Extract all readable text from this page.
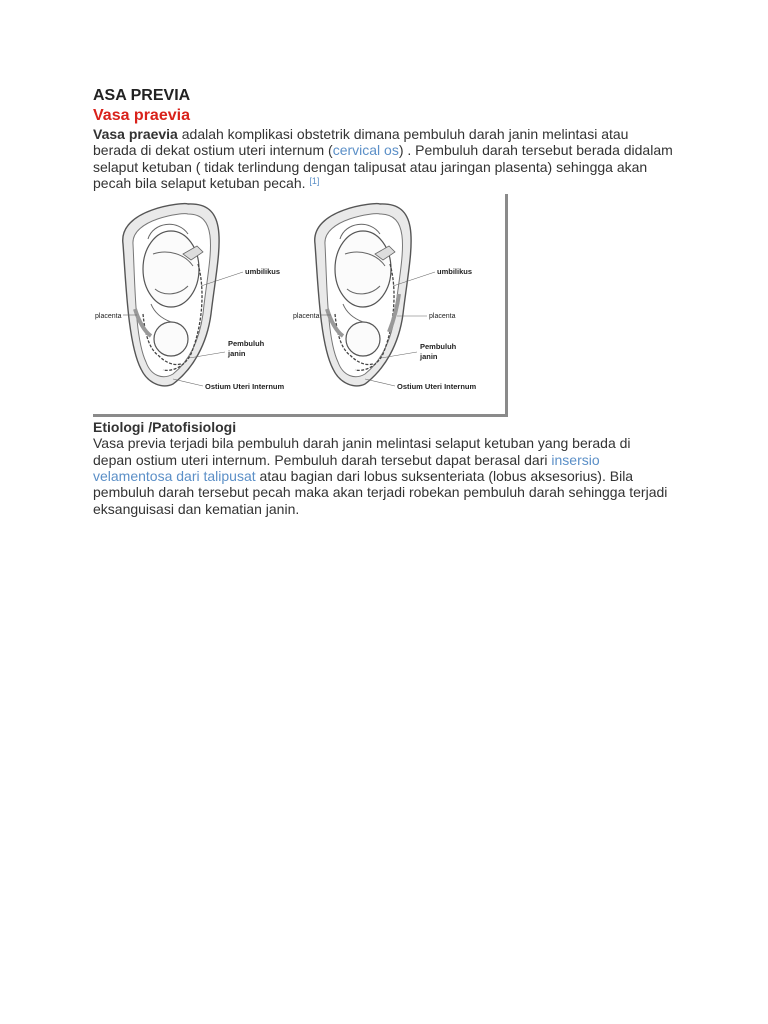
ASA PREVIA
Vasa praevia

Vasa praevia adalah komplikasi obstetrik dimana pembuluh darah janin melintasi atau berada di dekat ostium uteri internum (cervical os) . Pembuluh darah tersebut berada didalam selaput ketuban ( tidak terlindung dengan talipusat atau jaringan plasenta) sehingga akan pecah bila selaput ketuban pecah. [1]

umbilikus
placenta
Pembuluh
janin
Ostium Uteri Internum
umbilikus
placenta	placenta
Pembuluh
janin
Ostium Uteri Internum
Etiologi /Patofisiologi

Vasa previa terjadi bila pembuluh darah janin melintasi selaput ketuban yang berada di depan ostium uteri internum. Pembuluh darah tersebut dapat berasal dari insersio velamentosa dari talipusat atau bagian dari lobus suksenteriata (lobus aksesorius). Bila pembuluh darah tersebut pecah maka akan terjadi robekan pembuluh darah sehingga terjadi eksanguisasi dan kematian janin.
